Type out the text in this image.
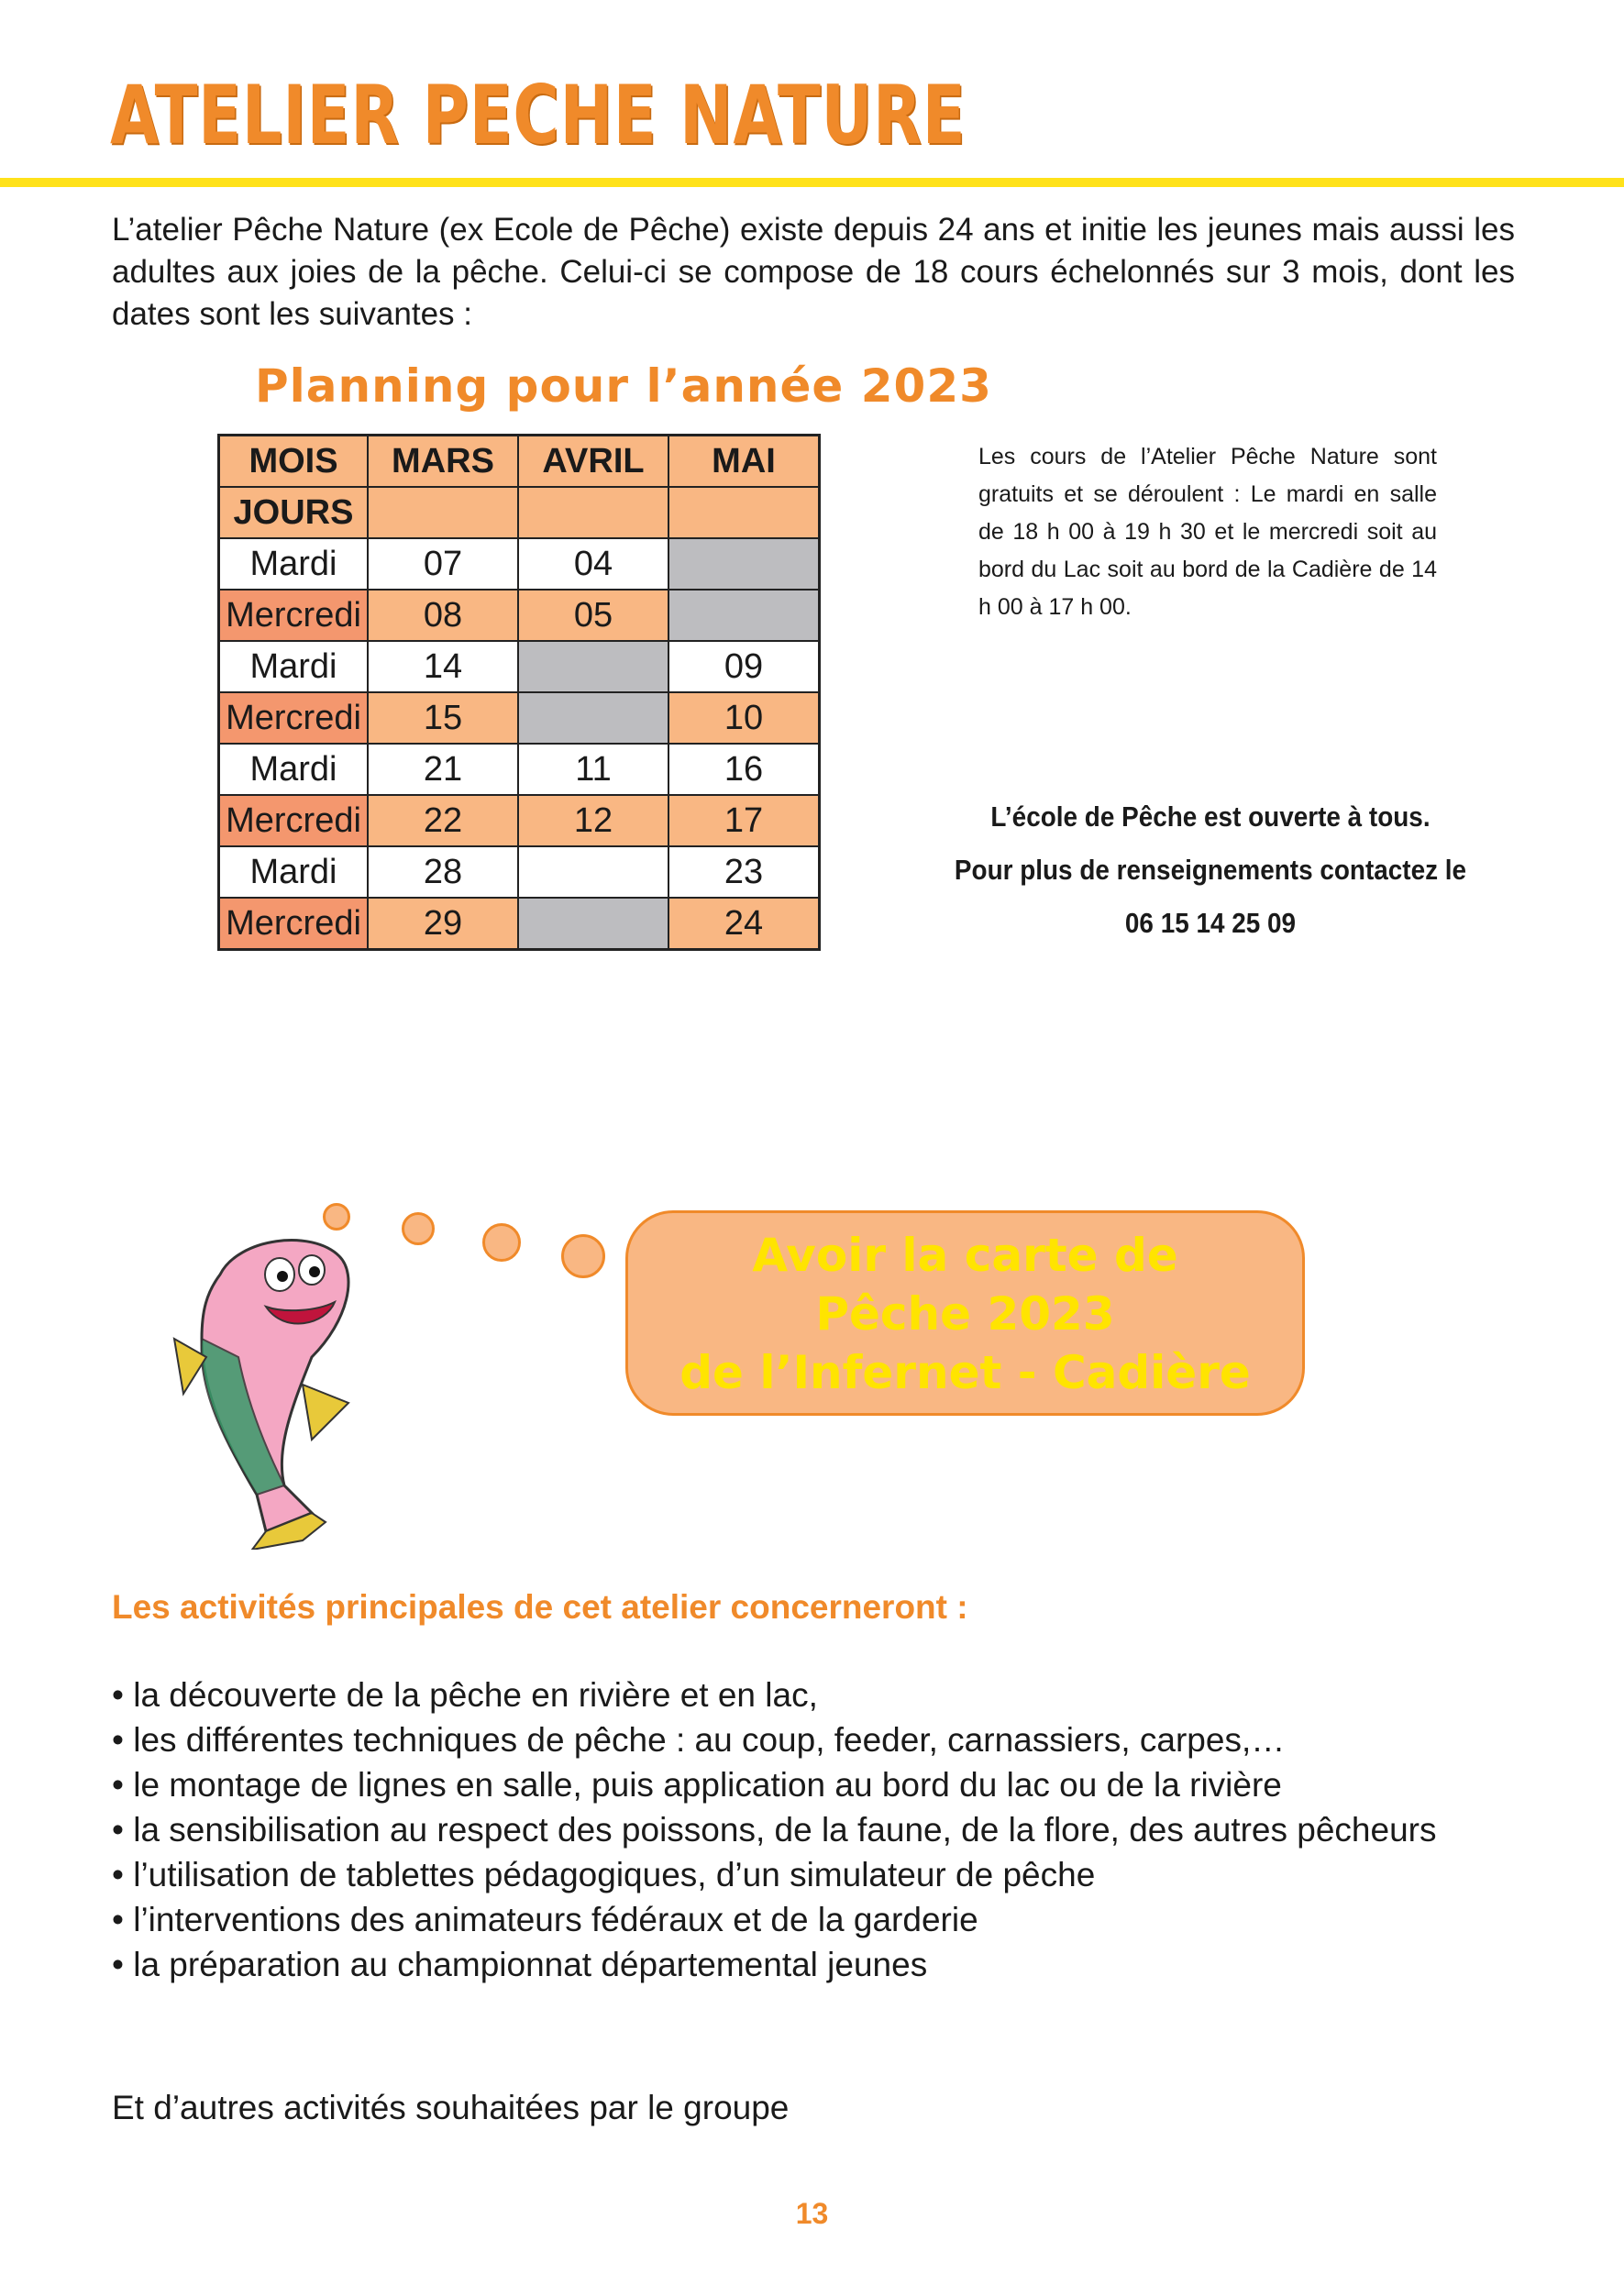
ATELIER PECHE NATURE
L’atelier Pêche Nature (ex Ecole de Pêche) existe depuis 24 ans et initie les jeunes mais aussi les adultes aux joies de la pêche. Celui-ci se compose de 18 cours échelonnés sur 3 mois, dont les dates sont les suivantes :
Planning pour l’année 2023
MOIS	MARS	AVRIL	MAI
JOURS			
Mardi	07	04	
Mercredi	08	05	
Mardi	14		09
Mercredi	15		10
Mardi	21	11	16
Mercredi	22	12	17
Mardi	28		23
Mercredi	29		24
Les cours de l’Atelier Pêche Nature sont gratuits et se déroulent : Le mardi en salle de 18 h 00 à 19 h 30 et le mercredi soit au bord du Lac soit au bord de la Cadière de 14 h 00 à 17 h 00.
L’école de Pêche est ouverte à tous.
Pour plus de renseignements contactez le
06 15 14 25 09
Avoir la carte de
Pêche 2023
de l’Infernet - Cadière
Les activités principales de cet atelier concerneront :
• la découverte de la pêche en rivière et en lac,
• les différentes techniques de pêche : au coup, feeder, carnassiers, carpes,…
• le montage de lignes en salle, puis application au bord du lac ou de la rivière
• la sensibilisation au respect des poissons, de la faune, de la flore, des autres pêcheurs
• l’utilisation de tablettes pédagogiques, d’un simulateur de pêche
• l’interventions des animateurs fédéraux et de la garderie
• la préparation au championnat départemental jeunes
Et d’autres activités souhaitées par le groupe
13
